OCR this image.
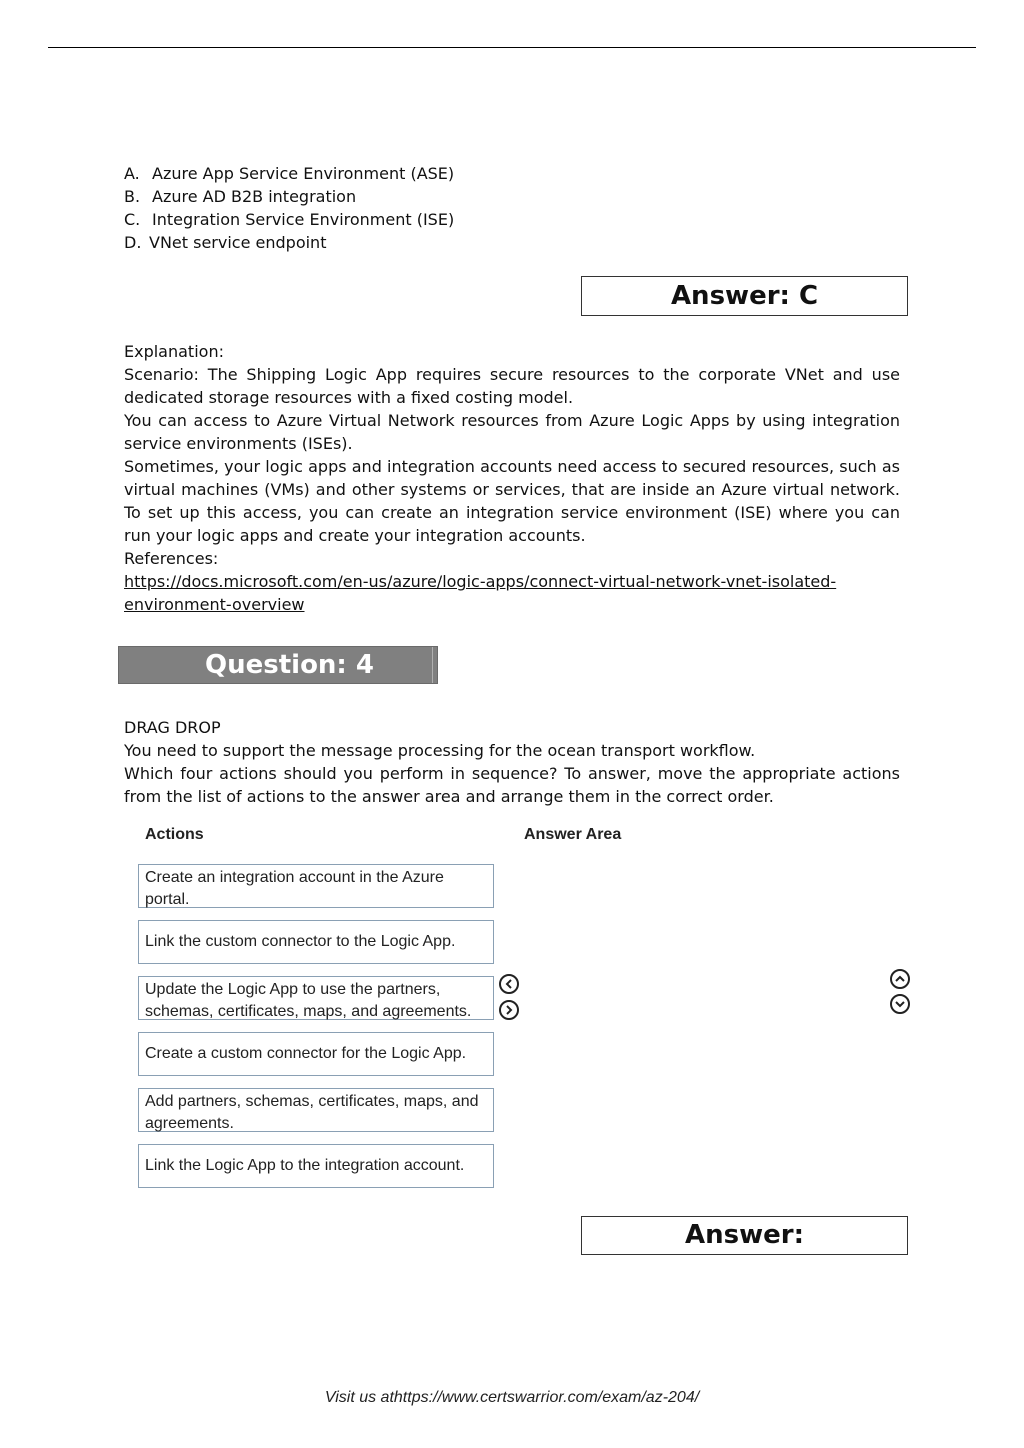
A. Azure App Service Environment (ASE)
B. Azure AD B2B integration
C. Integration Service Environment (ISE)
D. VNet service endpoint
Answer: C

Explanation:

Scenario: The Shipping Logic App requires secure resources to the corporate VNet and use dedicated storage resources with a fixed costing model.

You can access to Azure Virtual Network resources from Azure Logic Apps by using integration service environments (ISEs).

Sometimes, your logic apps and integration accounts need access to secured resources, such as virtual machines (VMs) and other systems or services, that are inside an Azure virtual network. To set up this access, you can create an integration service environment (ISE) where you can run your logic apps and create your integration accounts.

References:

https://docs.microsoft.com/en-us/azure/logic-apps/connect-virtual-network-vnet-isolated-environment-overview

Question: 4

DRAG DROP

You need to support the message processing for the ocean transport workflow.

Which four actions should you perform in sequence? To answer, move the appropriate actions from the list of actions to the answer area and arrange them in the correct order.

Actions	Answer Area
Create an integration account in the Azure portal.
Link the custom connector to the Logic App.
Update the Logic App to use the partners, schemas, certificates, maps, and agreements.
Create a custom connector for the Logic App.
Add partners, schemas, certificates, maps, and agreements.
Link the Logic App to the integration account.
Answer:
Visit us athttps://www.certswarrior.com/exam/az-204/
